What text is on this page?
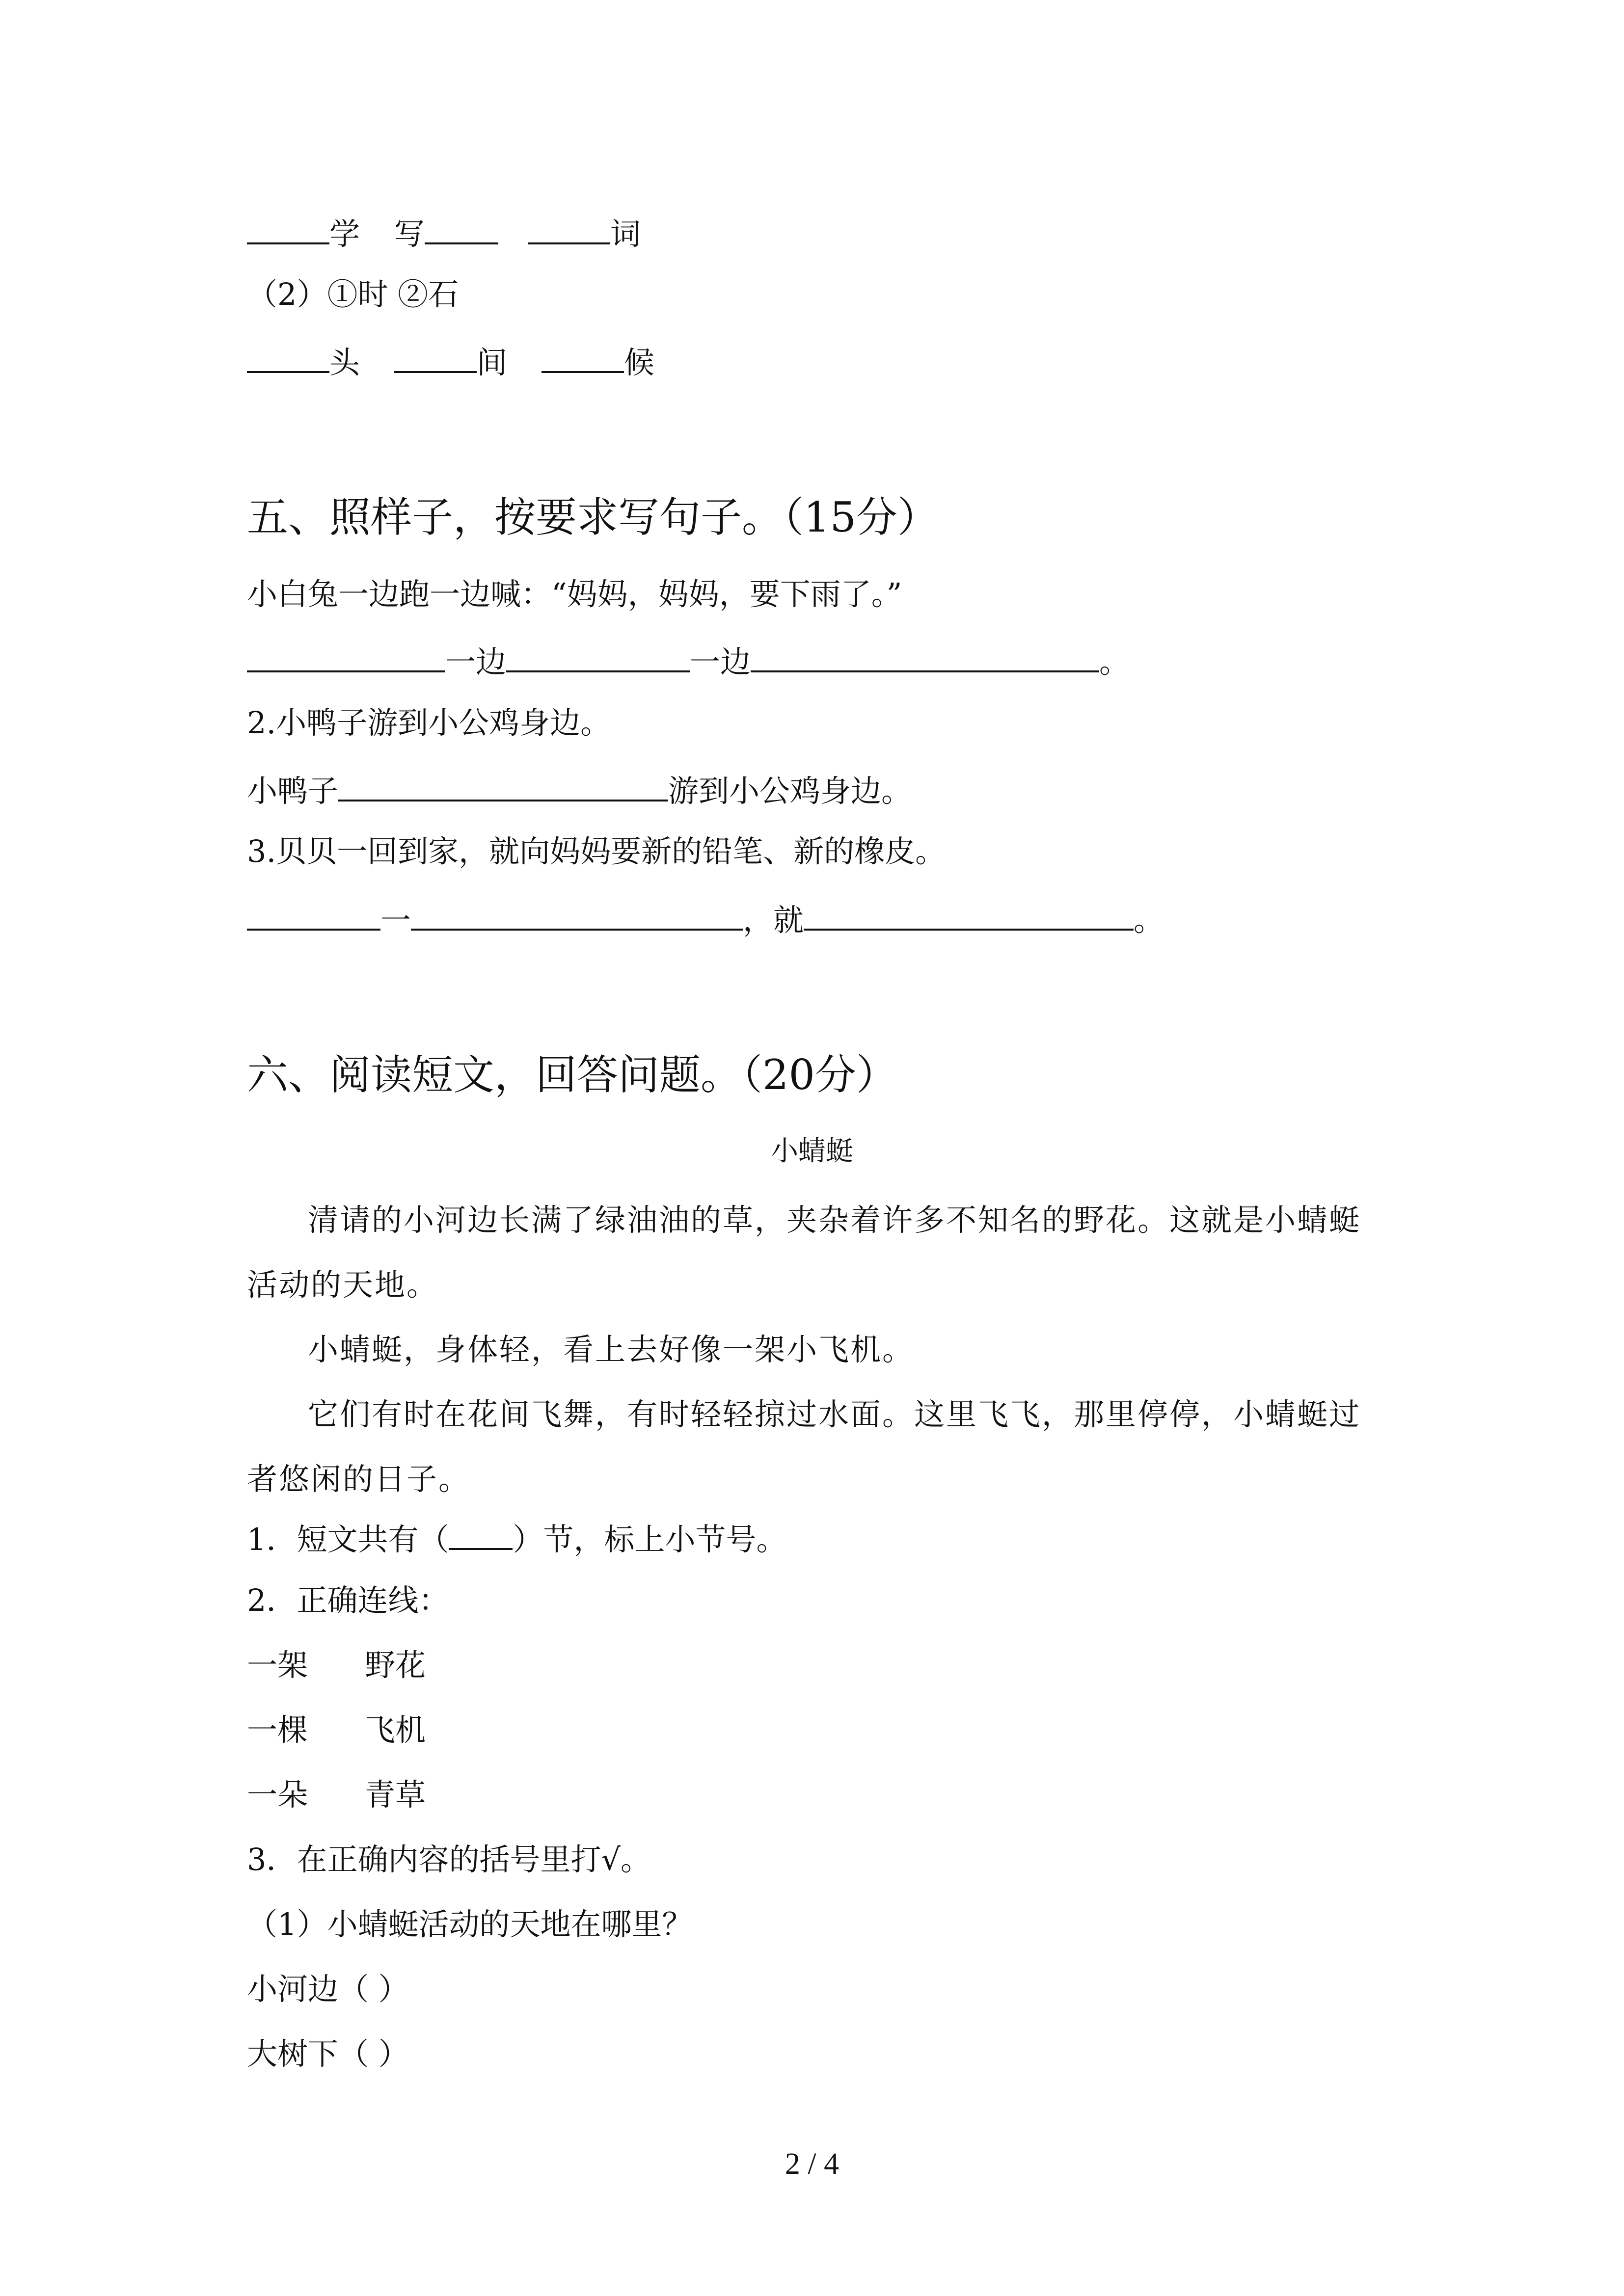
学 写	词
（2）①时 ②石
头	间	候
五、照样子，按要求写句子。（15分）
小白兔一边跑一边喊：“妈妈，妈妈，要下雨了。”
一边	一边	。
2.小鸭子游到小公鸡身边。
小鸭子	游到小公鸡身边。
3.贝贝一回到家，就向妈妈要新的铅笔、新的橡皮。
一	，就	。
六、阅读短文，回答问题。（20分）
小蜻蜓
清请的小河边长满了绿油油的草，夹杂着许多不知名的野花。这就是小蜻蜓活动的天地。
小蜻蜓，身体轻，看上去好像一架小飞机。
它们有时在花间飞舞，有时轻轻掠过水面。这里飞飞，那里停停，小蜻蜓过者悠闲的日子。
1．短文共有（ ）节，标上小节号。
2．正确连线：
一架 野花
一棵 飞机
一朵 青草
3．在正确内容的括号里打√。
（1）小蜻蜓活动的天地在哪里？
小河边（ ）
大树下（ ）
2 / 4
